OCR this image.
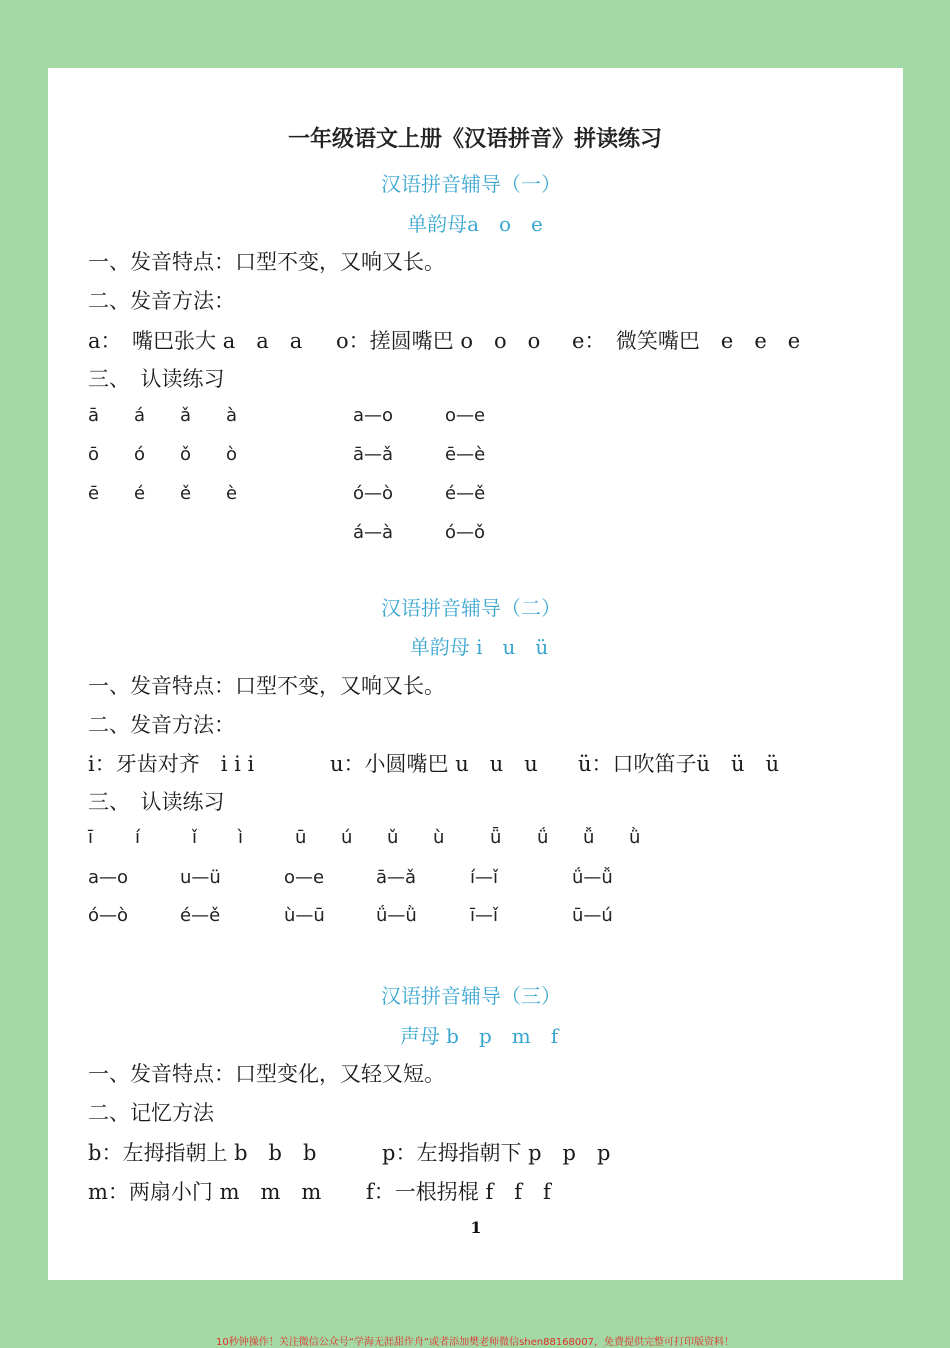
一年级语文上册《汉语拼音》拼读练习
汉语拼音辅导（一）
单韵母a　o　e
一、发音特点：口型不变，又响又长。
二、发音方法：
a：　嘴巴张大 a　a　a o：搓圆嘴巴 o　o　o e：　微笑嘴巴　e　e　e
三、　认读练习
ā á ǎ à
ō ó ǒ ò
ē é ě è
a—o	o—e
ā—ǎ	ē—è
ó—ò	é—ě
á—à	ó—ǒ
汉语拼音辅导（二）
单韵母 i　u　ü
一、发音特点：口型不变，又响又长。
二、发音方法：
i：牙齿对齐　i i i	u：小圆嘴巴 u　u　u ü：口吹笛子ü　ü　ü
三、　认读练习
ī í	ǐ ì	ū ú ǔ ù	ǖ ǘ ǚ ǜ
a—o	u—ü	o—e	ā—ǎ	í—ǐ	ǘ—ǚ
ó—ò	é—ě	ù—ū	ǘ—ǜ	ī—ǐ	ū—ú
汉语拼音辅导（三）
声母 b　p　m　f
一、发音特点：口型变化，又轻又短。
二、记忆方法
b：左拇指朝上 b　b　b	p：左拇指朝下 p　p　p
m：两扇小门 m　m　m f：一根拐棍 f　f　f
1
10秒钟操作！关注微信公众号“学海无涯甜作舟”或者添加樊老师微信shen88168007，免费提供完整可打印版资料！
